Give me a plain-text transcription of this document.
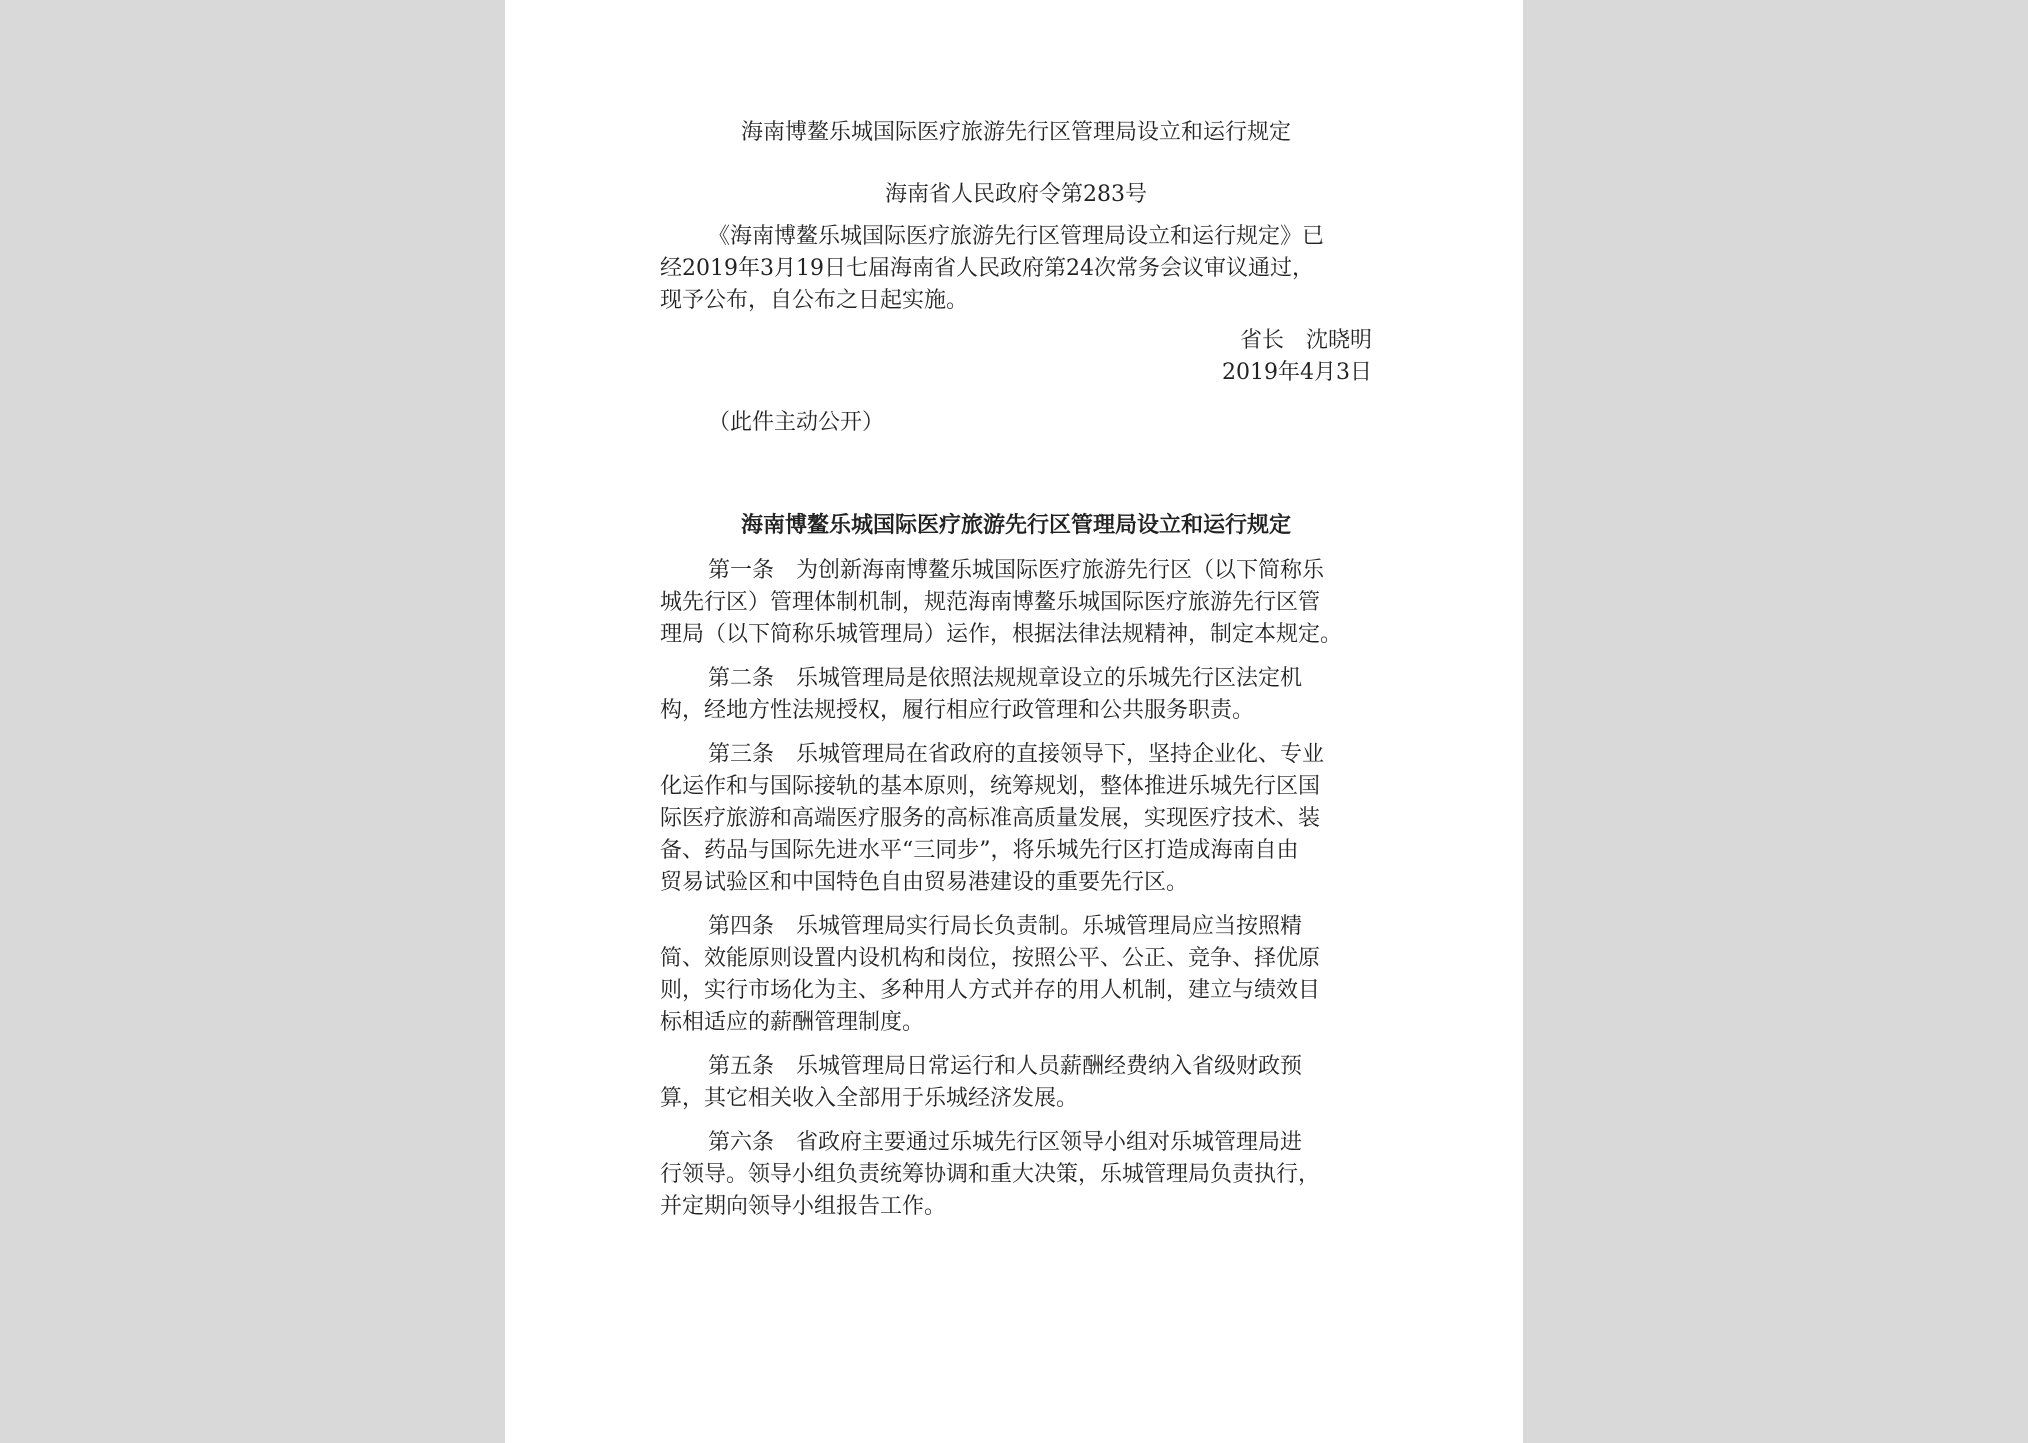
海南博鳌乐城国际医疗旅游先行区管理局设立和运行规定
海南省人民政府令第283号
《海南博鳌乐城国际医疗旅游先行区管理局设立和运行规定》已
经2019年3月19日七届海南省人民政府第24次常务会议审议通过，
现予公布，自公布之日起实施。
省长　沈晓明
2019年4月3日
（此件主动公开）
海南博鳌乐城国际医疗旅游先行区管理局设立和运行规定
第一条 为创新海南博鳌乐城国际医疗旅游先行区（以下简称乐
城先行区）管理体制机制，规范海南博鳌乐城国际医疗旅游先行区管
理局（以下简称乐城管理局）运作，根据法律法规精神，制定本规定。
第二条 乐城管理局是依照法规规章设立的乐城先行区法定机
构，经地方性法规授权，履行相应行政管理和公共服务职责。
第三条 乐城管理局在省政府的直接领导下，坚持企业化、专业
化运作和与国际接轨的基本原则，统筹规划，整体推进乐城先行区国
际医疗旅游和高端医疗服务的高标准高质量发展，实现医疗技术、装
备、药品与国际先进水平“三同步”，将乐城先行区打造成海南自由
贸易试验区和中国特色自由贸易港建设的重要先行区。
第四条 乐城管理局实行局长负责制。乐城管理局应当按照精
简、效能原则设置内设机构和岗位，按照公平、公正、竞争、择优原
则，实行市场化为主、多种用人方式并存的用人机制，建立与绩效目
标相适应的薪酬管理制度。
第五条 乐城管理局日常运行和人员薪酬经费纳入省级财政预
算，其它相关收入全部用于乐城经济发展。
第六条 省政府主要通过乐城先行区领导小组对乐城管理局进
行领导。领导小组负责统筹协调和重大决策，乐城管理局负责执行，
并定期向领导小组报告工作。
